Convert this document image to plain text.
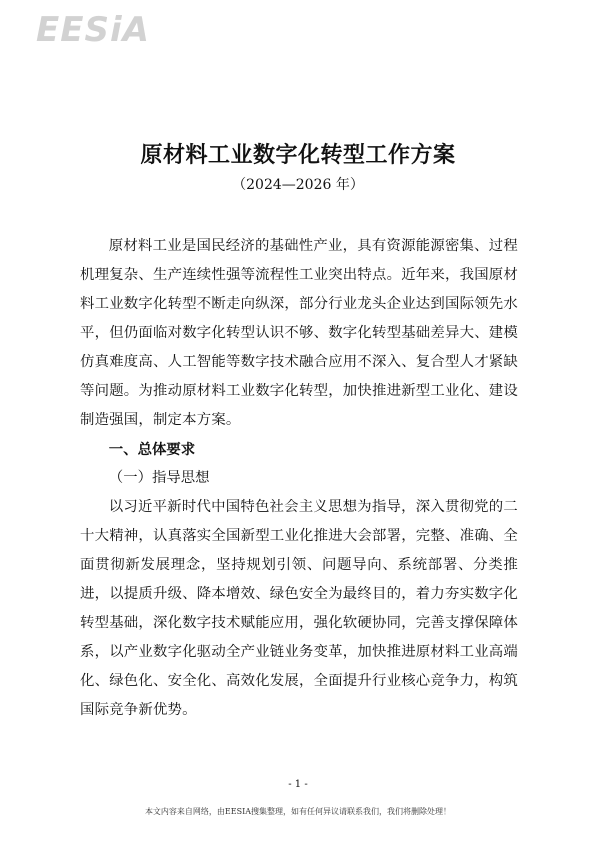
EESiA
原材料工业数字化转型工作方案
（2024—2026 年）

原材料工业是国民经济的基础性产业，具有资源能源密集、过程机理复杂、生产连续性强等流程性工业突出特点。近年来，我国原材料工业数字化转型不断走向纵深，部分行业龙头企业达到国际领先水平，但仍面临对数字化转型认识不够、数字化转型基础差异大、建模仿真难度高、人工智能等数字技术融合应用不深入、复合型人才紧缺等问题。为推动原材料工业数字化转型，加快推进新型工业化、建设制造强国，制定本方案。

一、总体要求

（一）指导思想

以习近平新时代中国特色社会主义思想为指导，深入贯彻党的二十大精神，认真落实全国新型工业化推进大会部署，完整、准确、全面贯彻新发展理念，坚持规划引领、问题导向、系统部署、分类推进，以提质升级、降本增效、绿色安全为最终目的，着力夯实数字化转型基础，深化数字技术赋能应用，强化软硬协同，完善支撑保障体系，以产业数字化驱动全产业链业务变革，加快推进原材料工业高端化、绿色化、安全化、高效化发展，全面提升行业核心竞争力，构筑国际竞争新优势。

- 1 -
本文内容来自网络，由EESIA搜集整理，如有任何异议请联系我们，我们将删除处理！
